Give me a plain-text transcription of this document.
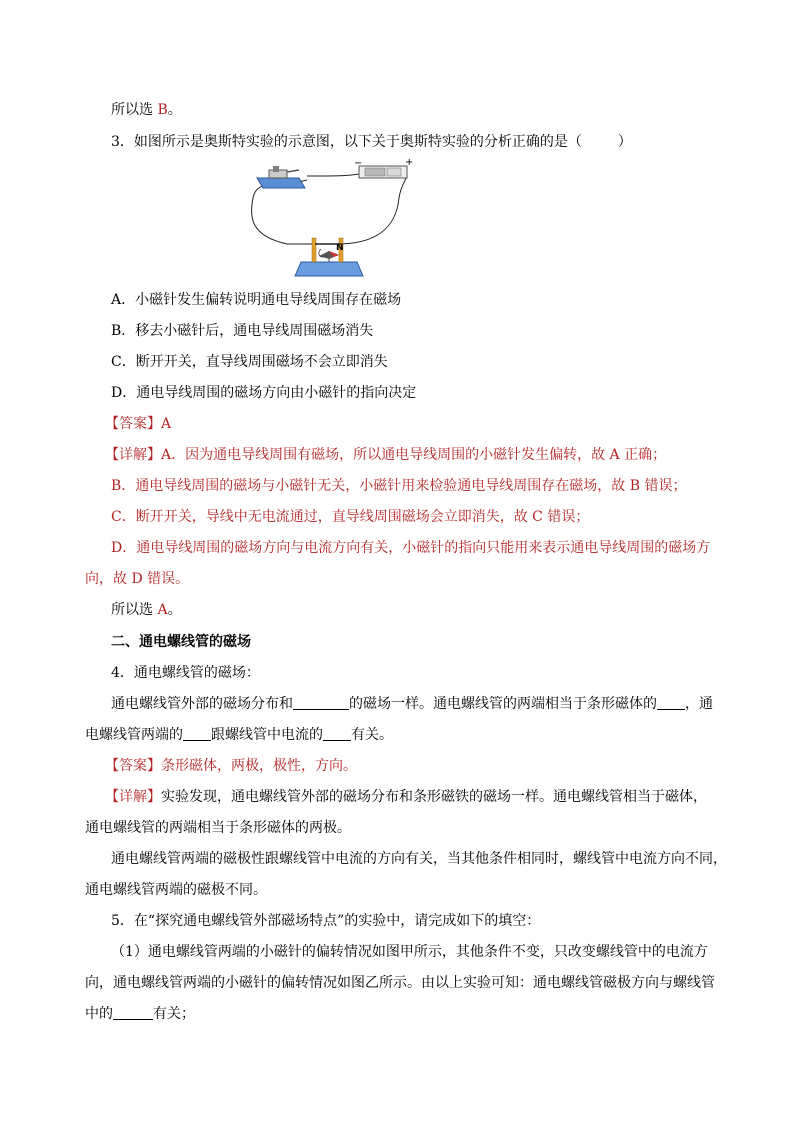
所以选 B。
3．如图所示是奥斯特实验的示意图，以下关于奥斯特实验的分析正确的是（	）
−	+
N
A．小磁针发生偏转说明通电导线周围存在磁场
B．移去小磁针后，通电导线周围磁场消失
C．断开开关，直导线周围磁场不会立即消失
D．通电导线周围的磁场方向由小磁针的指向决定
【答案】A
【详解】A．因为通电导线周围有磁场，所以通电导线周围的小磁针发生偏转，故 A 正确；
B．通电导线周围的磁场与小磁针无关，小磁针用来检验通电导线周围存在磁场，故 B 错误；
C．断开开关，导线中无电流通过，直导线周围磁场会立即消失，故 C 错误；
D．通电导线周围的磁场方向与电流方向有关，小磁针的指向只能用来表示通电导线周围的磁场方
向，故 D 错误。
所以选 A。
二、通电螺线管的磁场
4．通电螺线管的磁场：
通电螺线管外部的磁场分布和	的磁场一样。通电螺线管的两端相当于条形磁体的 ，通
电螺线管两端的 跟螺线管中电流的 有关。
【答案】条形磁体，两极，极性，方向。
【详解】实验发现，通电螺线管外部的磁场分布和条形磁铁的磁场一样。通电螺线管相当于磁体，
通电螺线管的两端相当于条形磁体的两极。
通电螺线管两端的磁极性跟螺线管中电流的方向有关，当其他条件相同时，螺线管中电流方向不同，
通电螺线管两端的磁极不同。
5．在“探究通电螺线管外部磁场特点”的实验中，请完成如下的填空：
（1）通电螺线管两端的小磁针的偏转情况如图甲所示，其他条件不变，只改变螺线管中的电流方
向，通电螺线管两端的小磁针的偏转情况如图乙所示。由以上实验可知：通电螺线管磁极方向与螺线管
中的	有关；
